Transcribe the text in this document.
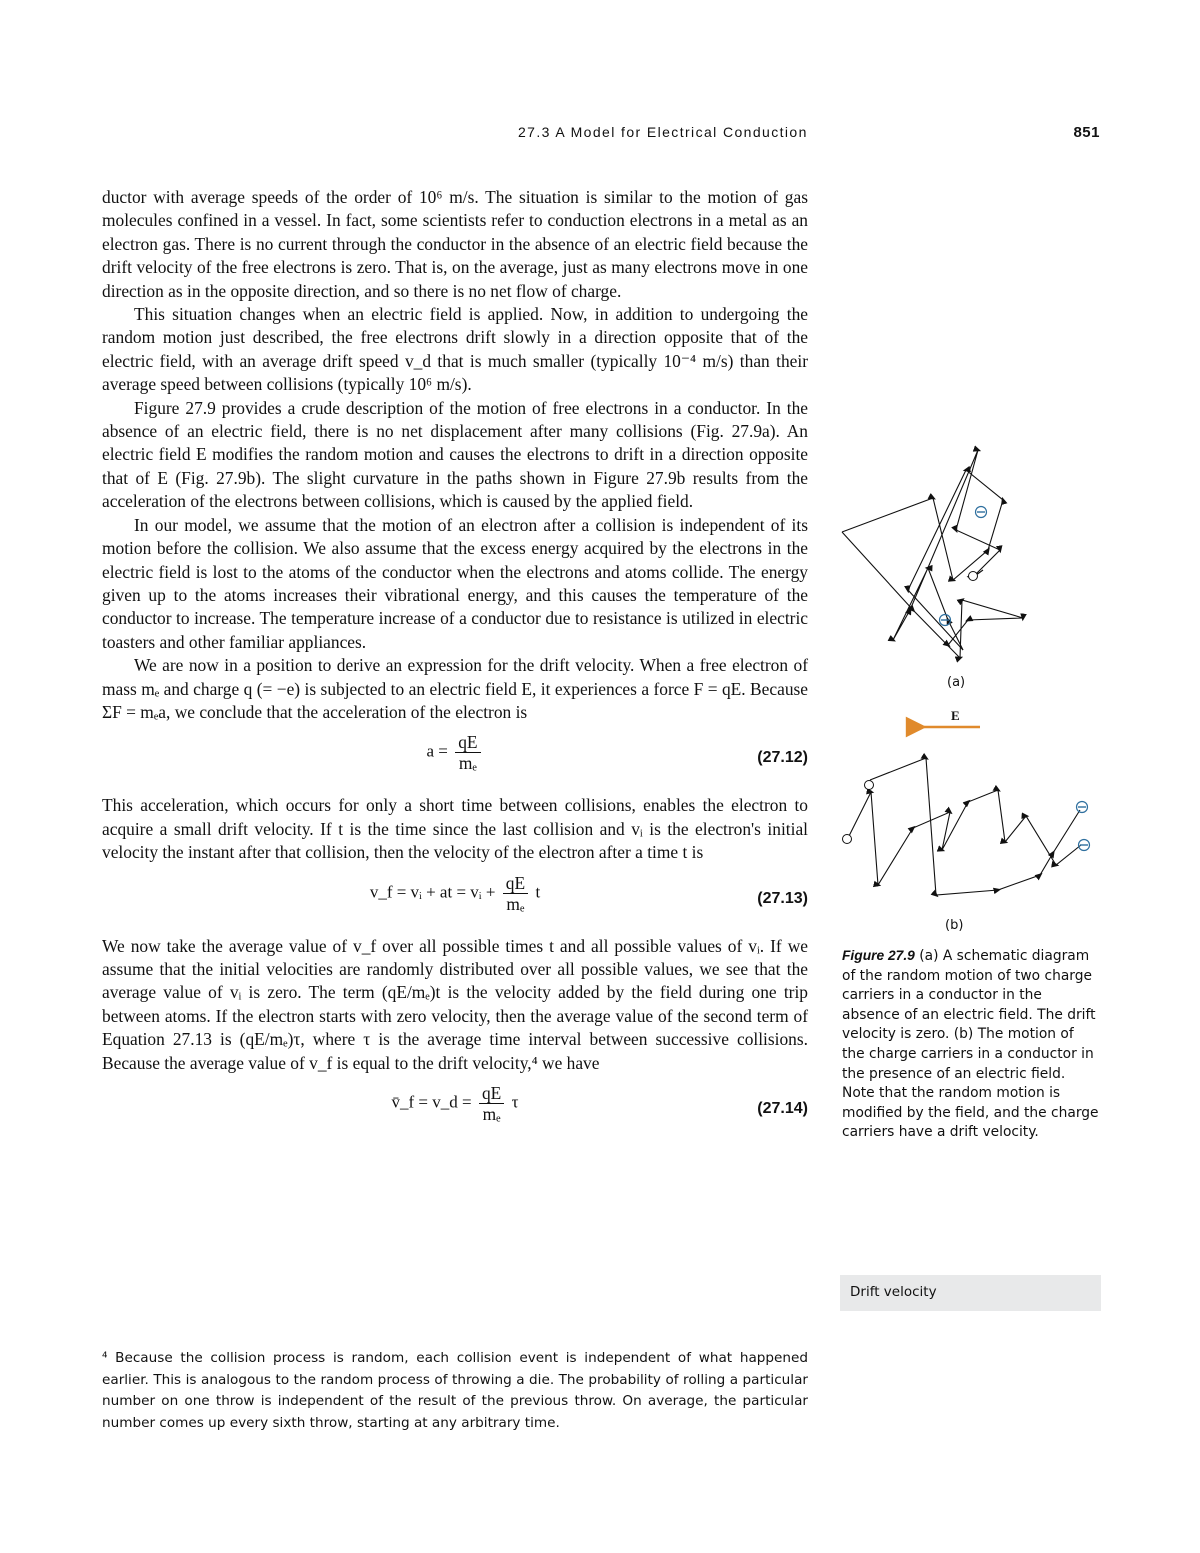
27.3 A Model for Electrical Conduction	851

ductor with average speeds of the order of 10⁶ m/s. The situation is similar to the motion of gas molecules confined in a vessel. In fact, some scientists refer to conduction electrons in a metal as an electron gas. There is no current through the conductor in the absence of an electric field because the drift velocity of the free electrons is zero. That is, on the average, just as many electrons move in one direction as in the opposite direction, and so there is no net flow of charge.

This situation changes when an electric field is applied. Now, in addition to undergoing the random motion just described, the free electrons drift slowly in a direction opposite that of the electric field, with an average drift speed v_d that is much smaller (typically 10⁻⁴ m/s) than their average speed between collisions (typically 10⁶ m/s).

Figure 27.9 provides a crude description of the motion of free electrons in a conductor. In the absence of an electric field, there is no net displacement after many collisions (Fig. 27.9a). An electric field E modifies the random motion and causes the electrons to drift in a direction opposite that of E (Fig. 27.9b). The slight curvature in the paths shown in Figure 27.9b results from the acceleration of the electrons between collisions, which is caused by the applied field.

In our model, we assume that the motion of an electron after a collision is independent of its motion before the collision. We also assume that the excess energy acquired by the electrons in the electric field is lost to the atoms of the conductor when the electrons and atoms collide. The energy given up to the atoms increases their vibrational energy, and this causes the temperature of the conductor to increase. The temperature increase of a conductor due to resistance is utilized in electric toasters and other familiar appliances.

We are now in a position to derive an expression for the drift velocity. When a free electron of mass mₑ and charge q (= −e) is subjected to an electric field E, it experiences a force F = qE. Because ΣF = mₑa, we conclude that the acceleration of the electron is

$a = \frac{qE}{\text{mₑ}}$	(27.12)

This acceleration, which occurs for only a short time between collisions, enables the electron to acquire a small drift velocity. If t is the time since the last collision and vᵢ is the electron's initial velocity the instant after that collision, then the velocity of the electron after a time t is

v_f = vᵢ + at = vᵢ + $\frac{qE}{\text{mₑ}}$ t	(27.13)

We now take the average value of v_f over all possible times t and all possible values of vᵢ. If we assume that the initial velocities are randomly distributed over all possible values, we see that the average value of vᵢ is zero. The term (qE/mₑ)t is the velocity added by the field during one trip between atoms. If the electron starts with zero velocity, then the average value of the second term of Equation 27.13 is (qE/mₑ)τ, where τ is the average time interval between successive collisions. Because the average value of v_f is equal to the drift velocity,⁴ we have

v̄_f = v_d = $\frac{qE}{\text{mₑ}}$ τ	(27.14)
⁴ Because the collision process is random, each collision event is independent of what happened earlier. This is analogous to the random process of throwing a die. The probability of rolling a particular number on one throw is independent of the result of the previous throw. On average, the particular number comes up every sixth throw, starting at any arbitrary time.
(a)
E
(b)
Figure 27.9 (a) A schematic diagram of the random motion of two charge carriers in a conductor in the absence of an electric field. The drift velocity is zero. (b) The motion of the charge carriers in a conductor in the presence of an electric field. Note that the random motion is modified by the field, and the charge carriers have a drift velocity.
Drift velocity
